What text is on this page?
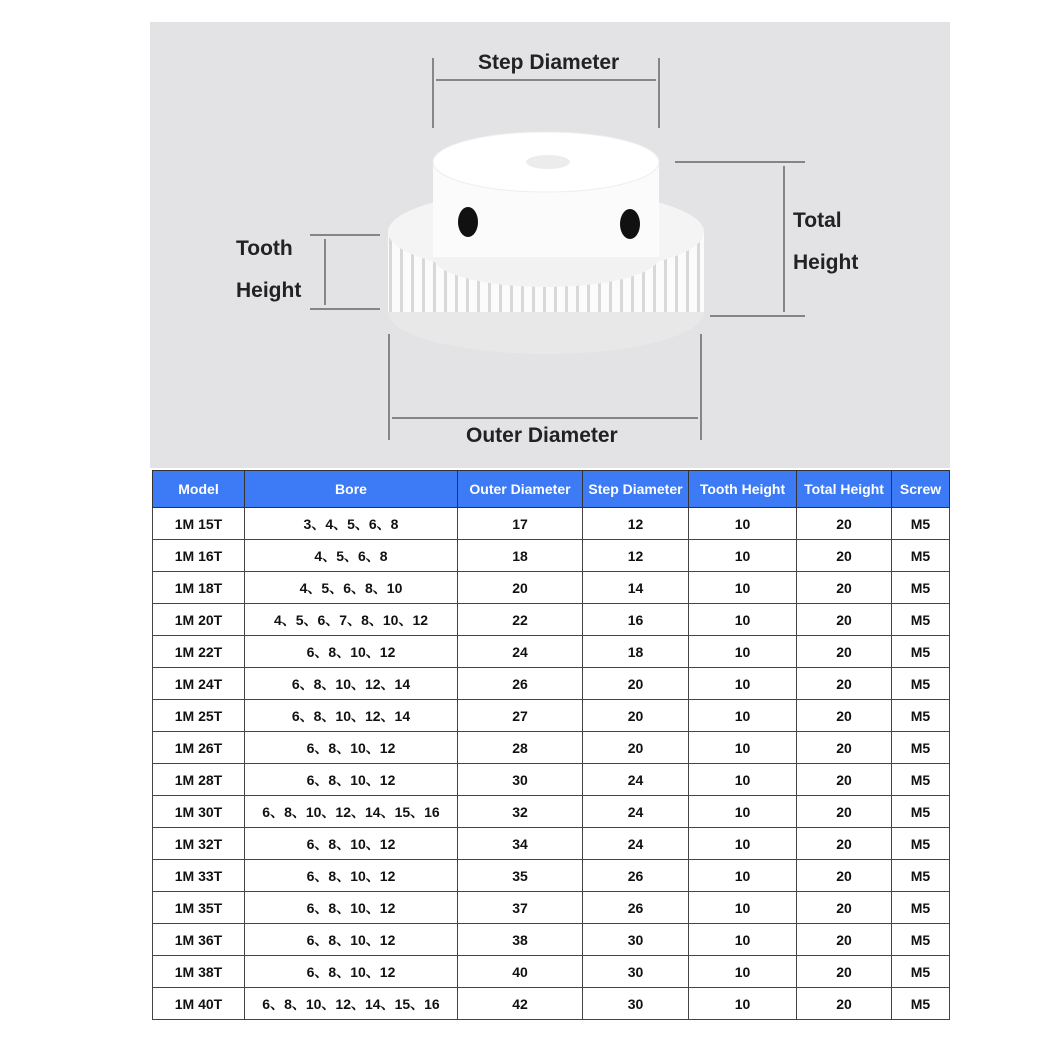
Step Diameter
Tooth
Height
Total
Height
Outer Diameter
Model	Bore	Outer Diameter	Step Diameter	Tooth Height	Total Height	Screw
1M 15T	3、4、5、6、8	17	12	10	20	M5
1M 16T	4、5、6、8	18	12	10	20	M5
1M 18T	4、5、6、8、10	20	14	10	20	M5
1M 20T	4、5、6、7、8、10、12	22	16	10	20	M5
1M 22T	6、8、10、12	24	18	10	20	M5
1M 24T	6、8、10、12、14	26	20	10	20	M5
1M 25T	6、8、10、12、14	27	20	10	20	M5
1M 26T	6、8、10、12	28	20	10	20	M5
1M 28T	6、8、10、12	30	24	10	20	M5
1M 30T	6、8、10、12、14、15、16	32	24	10	20	M5
1M 32T	6、8、10、12	34	24	10	20	M5
1M 33T	6、8、10、12	35	26	10	20	M5
1M 35T	6、8、10、12	37	26	10	20	M5
1M 36T	6、8、10、12	38	30	10	20	M5
1M 38T	6、8、10、12	40	30	10	20	M5
1M 40T	6、8、10、12、14、15、16	42	30	10	20	M5
